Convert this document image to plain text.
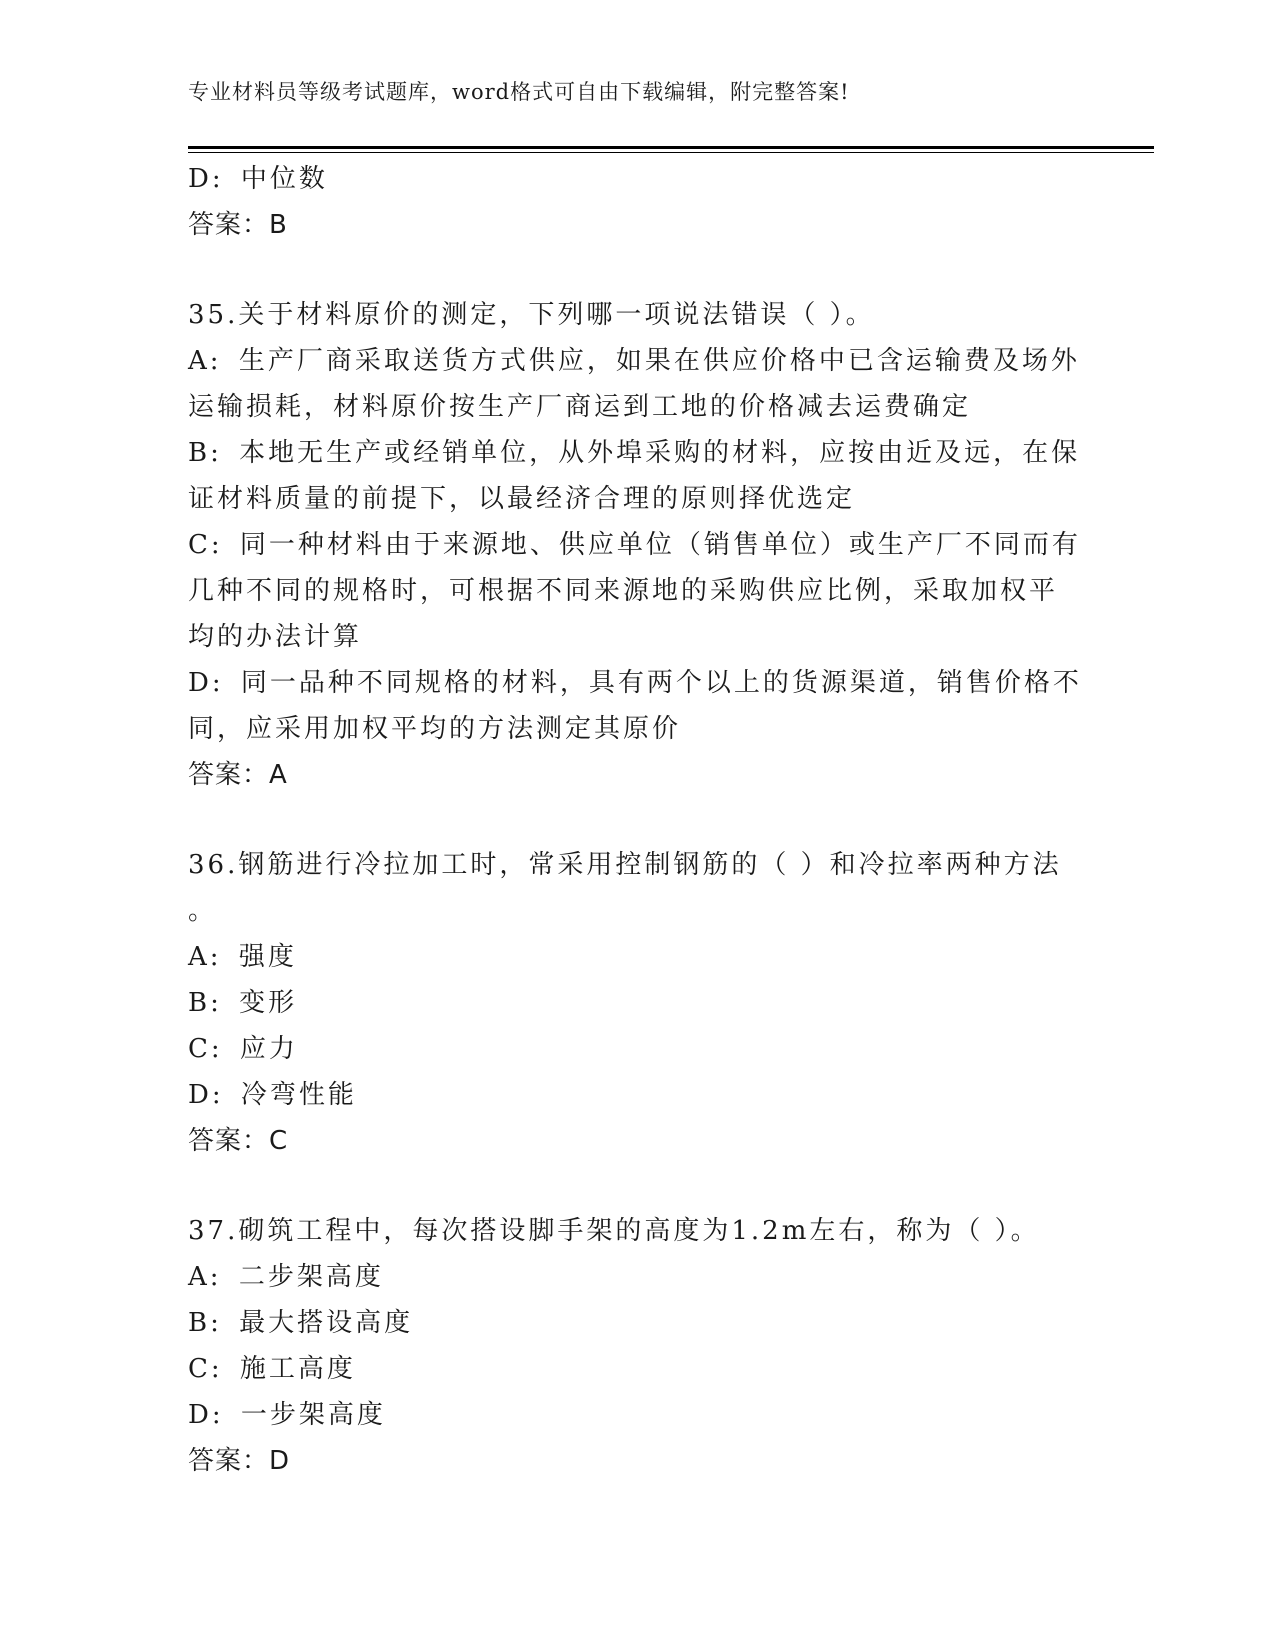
专业材料员等级考试题库，word格式可自由下载编辑，附完整答案!
D: 中位数
答案：B
35.关于材料原价的测定，下列哪一项说法错误（ ）。
A: 生产厂商采取送货方式供应，如果在供应价格中已含运输费及场外
运输损耗，材料原价按生产厂商运到工地的价格减去运费确定
B: 本地无生产或经销单位，从外埠采购的材料，应按由近及远，在保
证材料质量的前提下，以最经济合理的原则择优选定
C: 同一种材料由于来源地、供应单位（销售单位）或生产厂不同而有
几种不同的规格时，可根据不同来源地的采购供应比例，采取加权平
均的办法计算
D: 同一品种不同规格的材料，具有两个以上的货源渠道，销售价格不
同，应采用加权平均的方法测定其原价
答案：A
36.钢筋进行冷拉加工时，常采用控制钢筋的（ ）和冷拉率两种方法
。
A: 强度
B: 变形
C: 应力
D: 冷弯性能
答案：C
37.砌筑工程中，每次搭设脚手架的高度为1.2m左右，称为（ ）。
A: 二步架高度
B: 最大搭设高度
C: 施工高度
D: 一步架高度
答案：D
